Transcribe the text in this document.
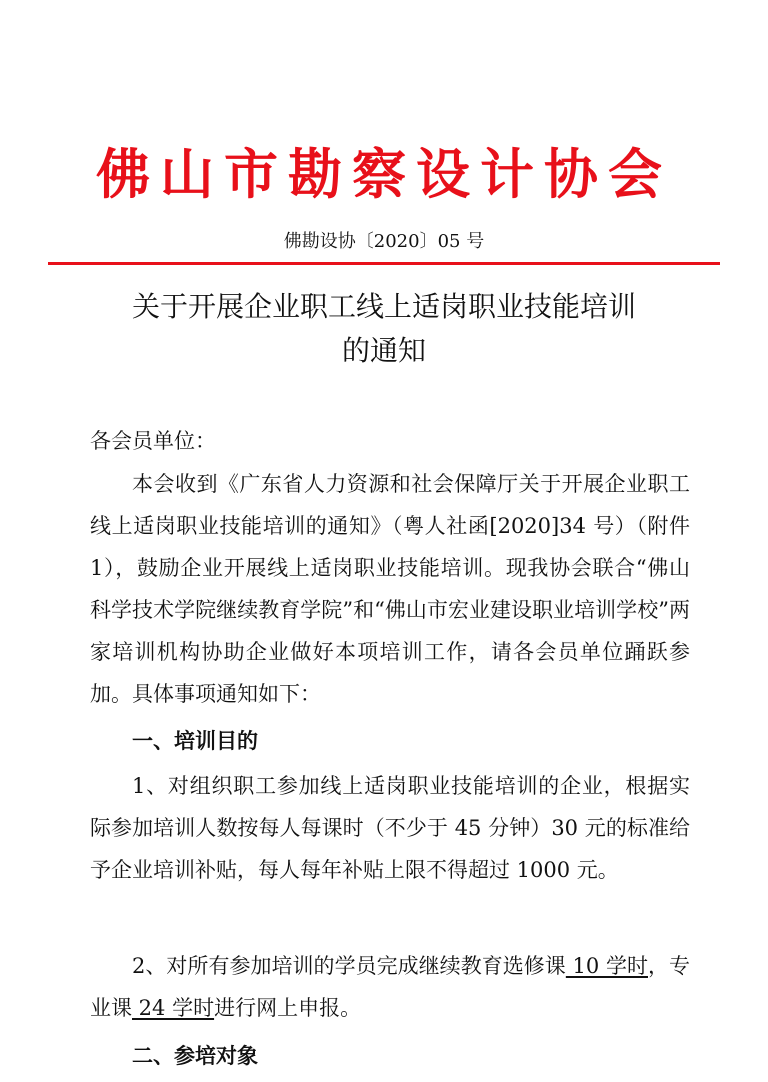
佛山市勘察设计协会
佛勘设协〔2020〕05 号
关于开展企业职工线上适岗职业技能培训
的通知
各会员单位：
本会收到《广东省人力资源和社会保障厅关于开展企业职工线上适岗职业技能培训的通知》（粤人社函[2020]34 号）（附件 1），鼓励企业开展线上适岗职业技能培训。现我协会联合“佛山科学技术学院继续教育学院”和“佛山市宏业建设职业培训学校”两家培训机构协助企业做好本项培训工作，请各会员单位踊跃参加。具体事项通知如下：
一、培训目的
1、对组织职工参加线上适岗职业技能培训的企业，根据实际参加培训人数按每人每课时（不少于 45 分钟）30 元的标准给予企业培训补贴，每人每年补贴上限不得超过 1000 元。
2、对所有参加培训的学员完成继续教育选修课 10 学时，专业课 24 学时进行网上申报。
二、参培对象
